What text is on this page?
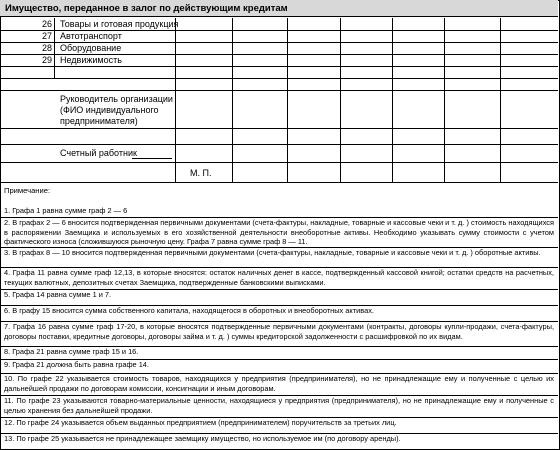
Имущество, переданное в залог по действующим кредитам
26 Товары и готовая продукция
27 Автотранспорт
28 Оборудование
29 Недвижимость
Руководитель организации
(ФИО индивидуального
предпринимателя)
Счетный работник
М. П.
Примечание:
1. Графа 1 равна сумме граф 2 — 6
2. В графах 2 — 6 вносится подтвержденная первичными документами (счета-фактуры, накладные, товарные и кассовые чеки и т. д. ) стоимость находящихся в распоряжении Заемщика и используемых в его хозяйственной деятельности внеоборотные активы. Необходимо указывать сумму стоимости с учетом фактического износа (сложившуюся рыночную цену. Графа 7 равна сумме граф 8 — 11.
3. В графах 8 — 10 вносится подтвержденная первичными документами (счета-фактуры, накладные, товарные и кассовые чеки и т. д. ) оборотные активы.
4. Графа 11 равна сумме граф 12,13, в которые вносятся: остаток наличных денег в кассе, подтвержденный кассовой книгой; остатки средств на расчетных, текущих валютных, депозитных счетах Заемщика, подтвержденные банковскими выписками.
5. Графа 14 равна сумме 1 и 7.
6. В графу 15 вносится сумма собственного капитала, находящегося в оборотных и внеоборотных активах.
7. Графа 16 равна сумме граф 17-20, в которые вносятся подтвержденные первичными документами (контракты, договоры купли-продажи, счета-фактуры, договоры поставки, кредитные договоры, договоры займа и т. д. ) суммы кредиторской задолженности с расшифровкой по их видам.
8. Графа 21 равна сумме граф 15 и 16.
9. Графа 21 должна быть равна графе 14.
10. По графе 22 указывается стоимость товаров, находящихся у предприятия (предпринимателя), но не принадлежащие ему и полученные с целью их дальнейшей продажи по договорам комиссии, консигнации и иным договорам.
11. По графе 23 указываются товарно-материальные ценности, находящиеся у предприятия (предпринимателя), но не принадлежащие ему и полученные с целью хранения без дальнейшей продажи.
12. По графе 24 указывается объем выданных предприятием (предпринимателем) поручительств за третьих лиц.
13. По графе 25 указывается не принадлежащее заемщику имущество, но используемое им (по договору аренды).
